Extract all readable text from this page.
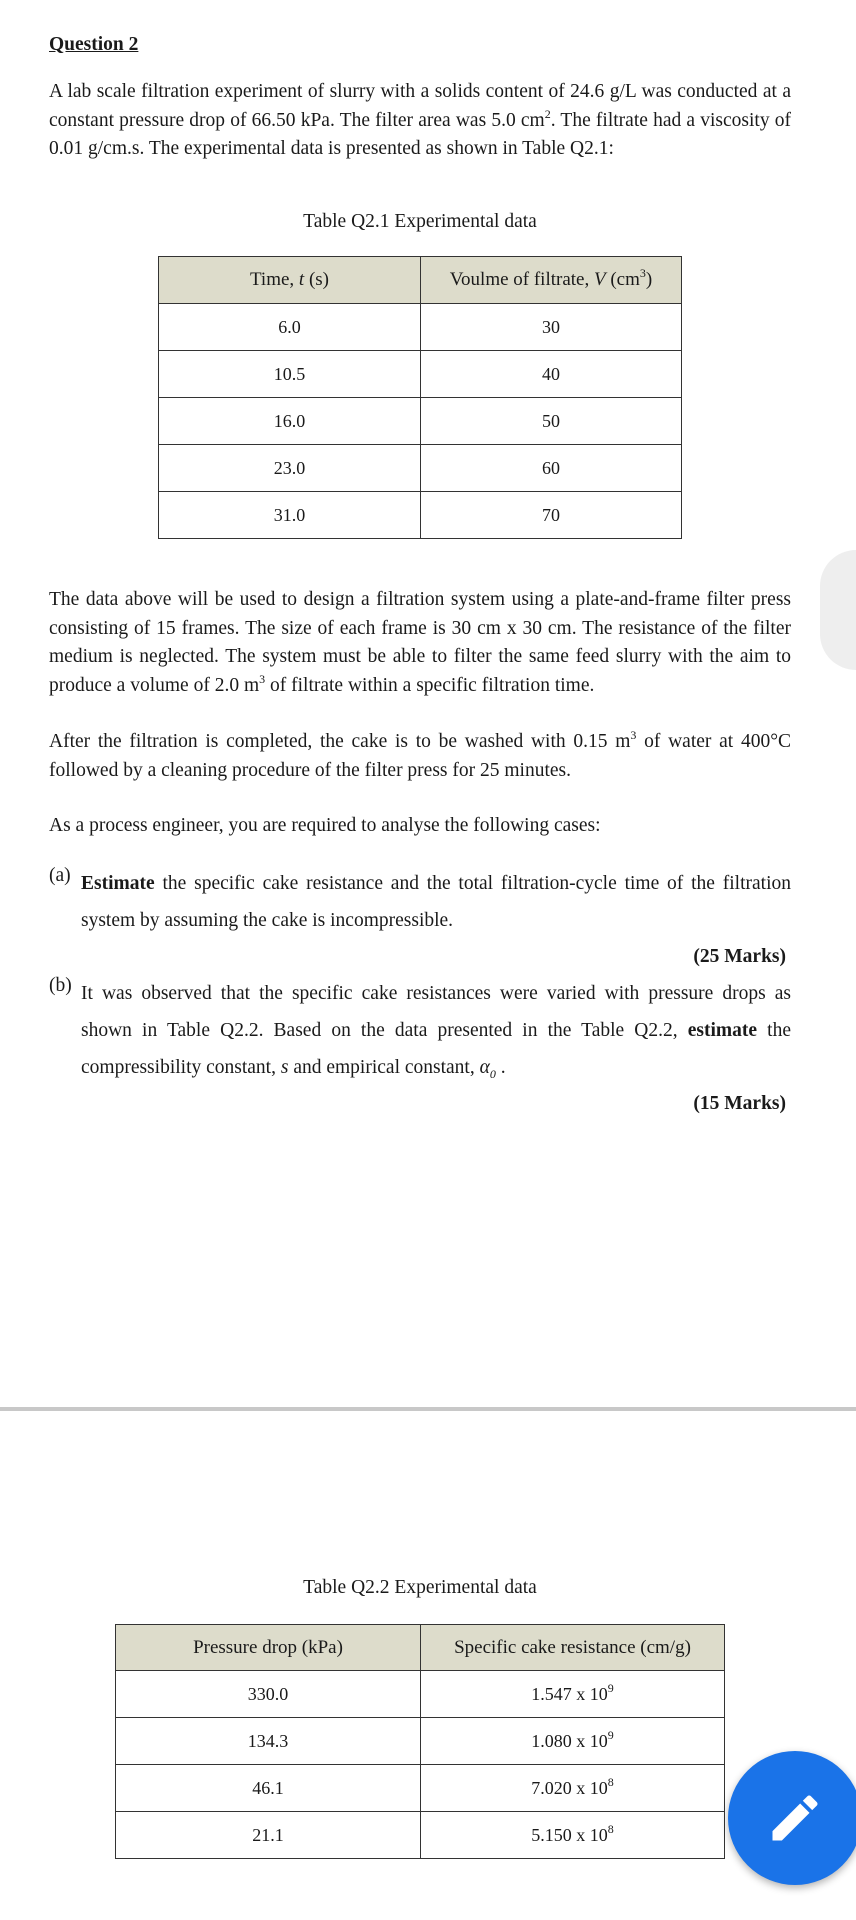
Question 2

A lab scale filtration experiment of slurry with a solids content of 24.6 g/L was conducted at a constant pressure drop of 66.50 kPa. The filter area was 5.0 $cm^2$. The filtrate had a viscosity of 0.01 g/cm.s. The experimental data is presented as shown in Table Q2.1:

Table Q2.1 Experimental data
Time, t (s)	Voulme of filtrate, V $(cm^3)$
6.0	30
10.5	40
16.0	50
23.0	60
31.0	70

The data above will be used to design a filtration system using a plate-and-frame filter press consisting of 15 frames. The size of each frame is 30 cm x 30 cm. The resistance of the filter medium is neglected. The system must be able to filter the same feed slurry with the aim to produce a volume of 2.0 $m^3$ of filtrate within a specific filtration time.

After the filtration is completed, the cake is to be washed with 0.15 $m^3$ of water at 400°C followed by a cleaning procedure of the filter press for 25 minutes.

As a process engineer, you are required to analyse the following cases:

(a) Estimate the specific cake resistance and the total filtration-cycle time of the filtration system by assuming the cake is incompressible.

(25 Marks)
(b) It was observed that the specific cake resistances were varied with pressure drops as shown in Table Q2.2. Based on the data presented in the Table Q2.2, estimate the compressibility constant, s and empirical constant, $\alpha_0$ .

(15 Marks)
Table Q2.2 Experimental data
Pressure drop (kPa)	Specific cake resistance (cm/g)
330.0	1.547 x $10^9$
134.3	1.080 x $10^9$
46.1	7.020 x $10^8$
21.1	5.150 x $10^8$
